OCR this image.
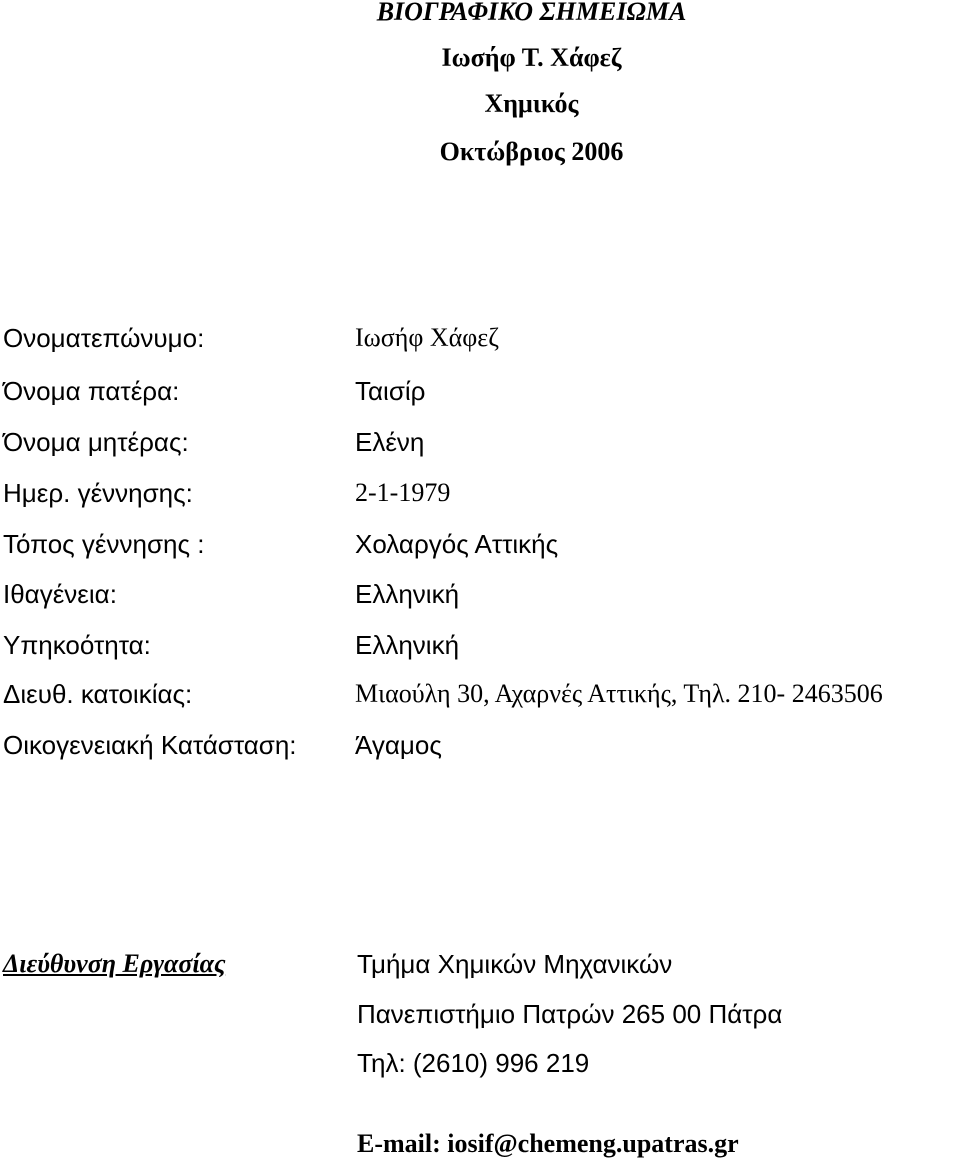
ΒΙΟΓΡΑΦΙΚΟ ΣΗΜΕΙΩΜΑ
Ιωσήφ Τ. Χάφεζ
Χημικός
Οκτώβριος 2006
Ονοματεπώνυμο:	Ιωσήφ Χάφεζ
Όνομα πατέρα:	Ταισίρ
Όνομα μητέρας:	Ελένη
Ημερ. γέννησης:	2-1-1979
Τόπος γέννησης :	Χολαργός Αττικής
Ιθαγένεια:	Ελληνική
Υπηκοότητα:	Ελληνική
Διευθ. κατοικίας:	Μιαούλη 30, Αχαρνές Αττικής, Τηλ. 210- 2463506
Οικογενειακή Κατάσταση: Άγαμος
Διεύθυνση Εργασίας	Τμήμα Χημικών Μηχανικών
Πανεπιστήμιο Πατρών 265 00 Πάτρα
Τηλ: (2610) 996 219
E-mail: iosif@chemeng.upatras.gr
